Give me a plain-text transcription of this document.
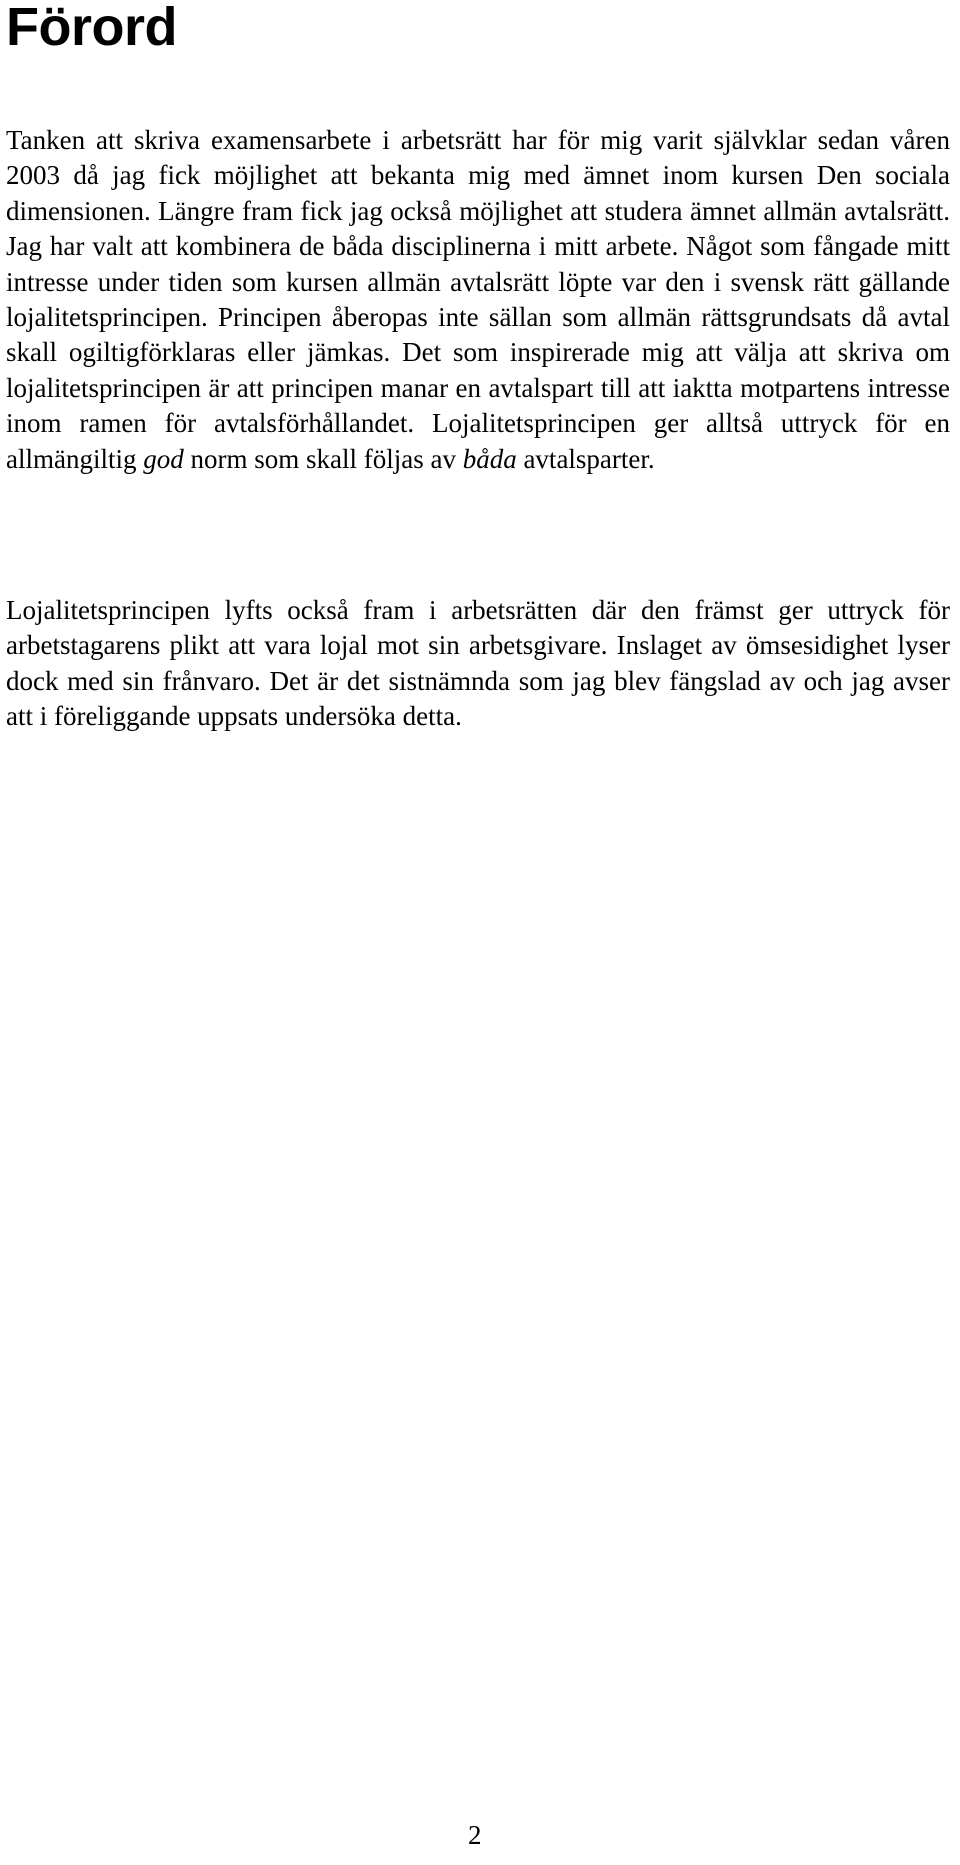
Förord

Tanken att skriva examensarbete i arbetsrätt har för mig varit självklar sedan våren 2003 då jag fick möjlighet att bekanta mig med ämnet inom kursen Den sociala dimensionen. Längre fram fick jag också möjlighet att studera ämnet allmän avtalsrätt. Jag har valt att kombinera de båda disciplinerna i mitt arbete. Något som fångade mitt intresse under tiden som kursen allmän avtalsrätt löpte var den i svensk rätt gällande lojalitetsprincipen. Principen åberopas inte sällan som allmän rättsgrundsats då avtal skall ogiltigförklaras eller jämkas. Det som inspirerade mig att välja att skriva om lojalitetsprincipen är att principen manar en avtalspart till att iaktta motpartens intresse inom ramen för avtalsförhållandet. Lojalitetsprincipen ger alltså uttryck för en allmängiltig god norm som skall följas av båda avtalsparter.

Lojalitetsprincipen lyfts också fram i arbetsrätten där den främst ger uttryck för arbetstagarens plikt att vara lojal mot sin arbetsgivare. Inslaget av ömsesidighet lyser dock med sin frånvaro. Det är det sistnämnda som jag blev fängslad av och jag avser att i föreliggande uppsats undersöka detta.

2
